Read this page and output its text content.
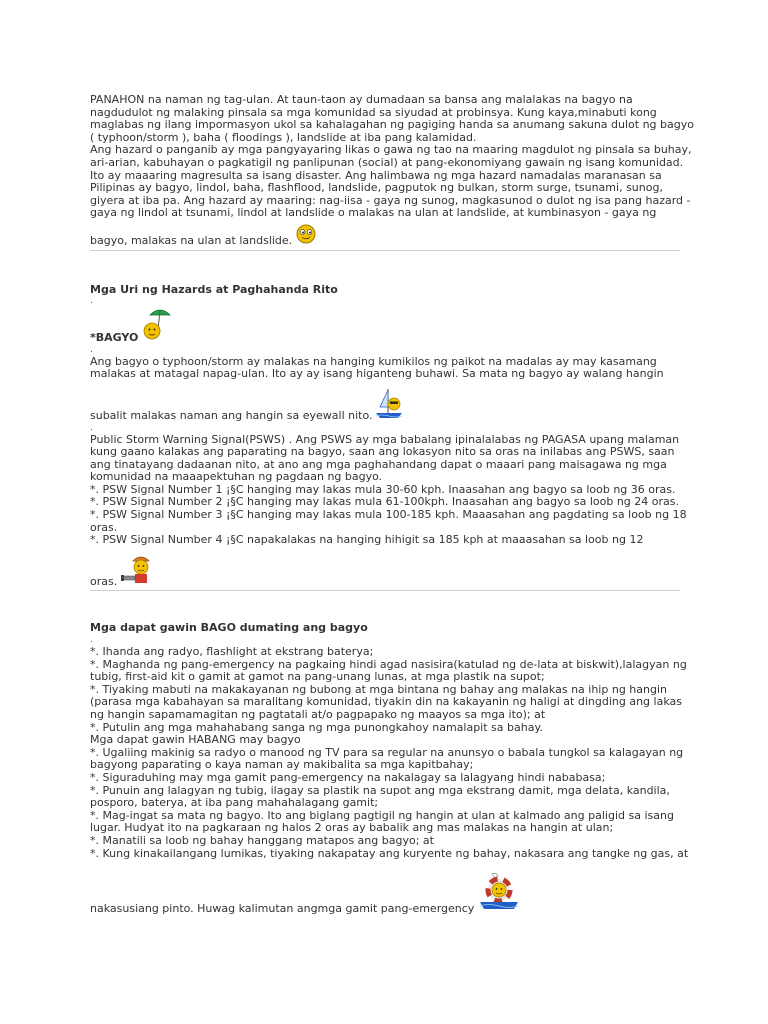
PANAHON na naman ng tag-ulan. At taun-taon ay dumadaan sa bansa ang malalakas na bagyo na
nagdudulot ng malaking pinsala sa mga komunidad sa siyudad at probinsya. Kung kaya,minabuti kong
maglabas ng ilang impormasyon ukol sa kahalagahan ng pagiging handa sa anumang sakuna dulot ng bagyo
( typhoon/storm ), baha ( floodings ), landslide at iba pang kalamidad.
Ang hazard o panganib ay mga pangyayaring likas o gawa ng tao na maaring magdulot ng pinsala sa buhay,
ari-arian, kabuhayan o pagkatigil ng panlipunan (social) at pang-ekonomiyang gawain ng isang komunidad.
Ito ay maaaring magresulta sa isang disaster. Ang halimbawa ng mga hazard namadalas maranasan sa
Pilipinas ay bagyo, lindol, baha, flashflood, landslide, pagputok ng bulkan, storm surge, tsunami, sunog,
giyera at iba pa. Ang hazard ay maaring: nag-iisa - gaya ng sunog, magkasunod o dulot ng isa pang hazard -
gaya ng lindol at tsunami, lindol at landslide o malakas na ulan at landslide, at kumbinasyon - gaya ng
bagyo, malakas na ulan at landslide.

Mga Uri ng Hazards at Paghahanda Rito

.
*BAGYO
.
Ang bagyo o typhoon/storm ay malakas na hanging kumikilos ng paikot na madalas ay may kasamang
malakas at matagal napag-ulan. Ito ay ay isang higanteng buhawi. Sa mata ng bagyo ay walang hangin
subalit malakas naman ang hangin sa eyewall nito.
.
Public Storm Warning Signal(PSWS) . Ang PSWS ay mga babalang ipinalalabas ng PAGASA upang malaman
kung gaano kalakas ang paparating na bagyo, saan ang lokasyon nito sa oras na inilabas ang PSWS, saan
ang tinatayang dadaanan nito, at ano ang mga paghahandang dapat o maaari pang maisagawa ng mga
komunidad na maaapektuhan ng pagdaan ng bagyo.
*. PSW Signal Number 1 ¡§C hanging may lakas mula 30-60 kph. Inaasahan ang bagyo sa loob ng 36 oras.
*. PSW Signal Number 2 ¡§C hanging may lakas mula 61-100kph. Inaasahan ang bagyo sa loob ng 24 oras.
*. PSW Signal Number 3 ¡§C hanging may lakas mula 100-185 kph. Maaasahan ang pagdating sa loob ng 18
oras.
*. PSW Signal Number 4 ¡§C napakalakas na hanging hihigit sa 185 kph at maaasahan sa loob ng 12
oras.

Mga dapat gawin BAGO dumating ang bagyo

.
*. Ihanda ang radyo, flashlight at ekstrang baterya;
*. Maghanda ng pang-emergency na pagkaing hindi agad nasisira(katulad ng de-lata at biskwit),lalagyan ng
tubig, first-aid kit o gamit at gamot na pang-unang lunas, at mga plastik na supot;
*. Tiyaking mabuti na makakayanan ng bubong at mga bintana ng bahay ang malakas na ihip ng hangin
(parasa mga kabahayan sa maralitang komunidad, tiyakin din na kakayanin ng haligi at dingding ang lakas
ng hangin sapamamagitan ng pagtatali at/o pagpapako ng maayos sa mga ito); at
*. Putulin ang mga mahahabang sanga ng mga punongkahoy namalapit sa bahay.
Mga dapat gawin HABANG may bagyo
*. Ugaliing makinig sa radyo o manood ng TV para sa regular na anunsyo o babala tungkol sa kalagayan ng
bagyong paparating o kaya naman ay makibalita sa mga kapitbahay;
*. Siguraduhing may mga gamit pang-emergency na nakalagay sa lalagyang hindi nababasa;
*. Punuin ang lalagyan ng tubig, ilagay sa plastik na supot ang mga ekstrang damit, mga delata, kandila,
posporo, baterya, at iba pang mahahalagang gamit;
*. Mag-ingat sa mata ng bagyo. Ito ang biglang pagtigil ng hangin at ulan at kalmado ang paligid sa isang
lugar. Hudyat ito na pagkaraan ng halos 2 oras ay babalik ang mas malakas na hangin at ulan;
*. Manatili sa loob ng bahay hanggang matapos ang bagyo; at
*. Kung kinakailangang lumikas, tiyaking nakapatay ang kuryente ng bahay, nakasara ang tangke ng gas, at
nakasusiang pinto. Huwag kalimutan angmga gamit pang-emergency
